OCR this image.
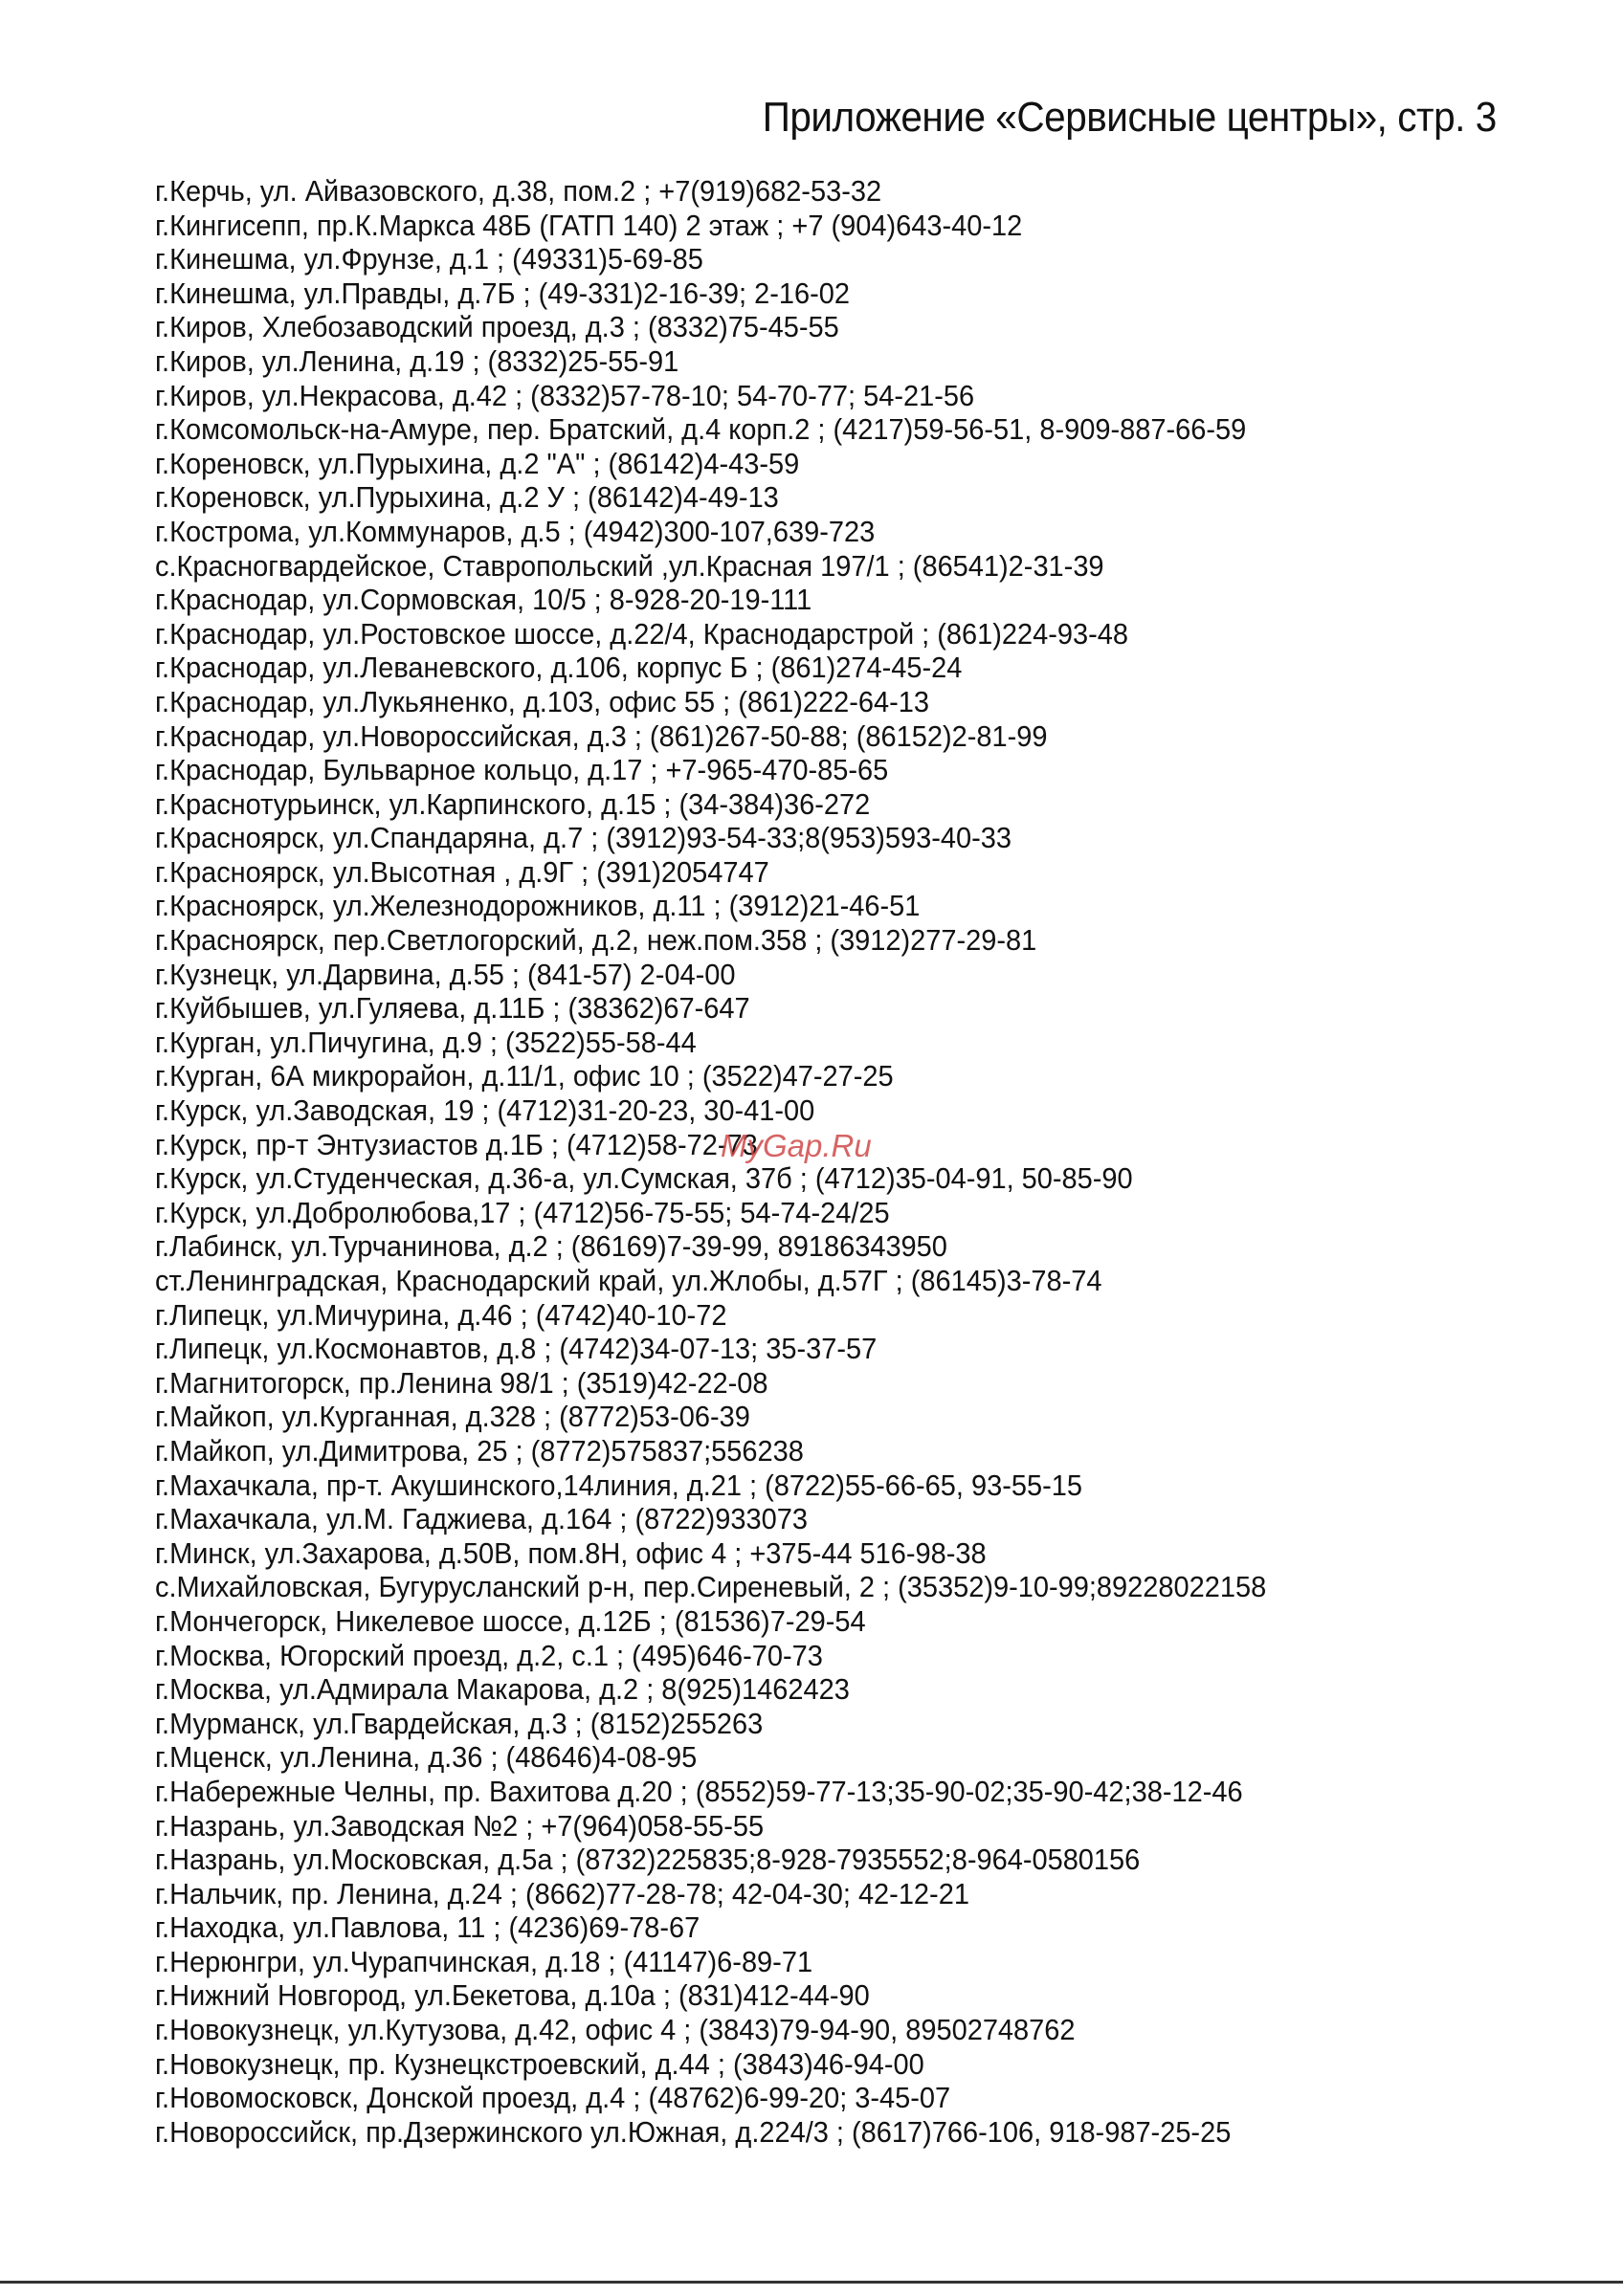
Приложение «Сервисные центры», стр. 3
г.Керчь, ул. Айвазовского, д.38, пом.2 ; +7(919)682-53-32
г.Кингисепп, пр.К.Маркса 48Б (ГАТП 140) 2 этаж ; +7 (904)643-40-12
г.Кинешма, ул.Фрунзе, д.1 ; (49331)5-69-85
г.Кинешма, ул.Правды, д.7Б ; (49-331)2-16-39; 2-16-02
г.Киров, Хлебозаводский проезд, д.3 ; (8332)75-45-55
г.Киров, ул.Ленина, д.19 ; (8332)25-55-91
г.Киров, ул.Некрасова, д.42 ; (8332)57-78-10; 54-70-77; 54-21-56
г.Комсомольск-на-Амуре, пер. Братский, д.4 корп.2 ; (4217)59-56-51, 8-909-887-66-59
г.Кореновск, ул.Пурыхина, д.2 "А" ; (86142)4-43-59
г.Кореновск, ул.Пурыхина, д.2 У ; (86142)4-49-13
г.Кострома, ул.Коммунаров, д.5 ; (4942)300-107,639-723
с.Красногвардейское, Ставропольский ,ул.Красная 197/1 ; (86541)2-31-39
г.Краснодар, ул.Сормовская, 10/5 ; 8-928-20-19-111
г.Краснодар, ул.Ростовское шоссе, д.22/4, Краснодарстрой ; (861)224-93-48
г.Краснодар, ул.Леваневского, д.106, корпус Б ; (861)274-45-24
г.Краснодар, ул.Лукьяненко, д.103, офис 55 ; (861)222-64-13
г.Краснодар, ул.Новороссийская, д.3 ; (861)267-50-88; (86152)2-81-99
г.Краснодар, Бульварное кольцо, д.17 ; +7-965-470-85-65
г.Краснотурьинск, ул.Карпинского, д.15 ; (34-384)36-272
г.Красноярск, ул.Спандаряна, д.7 ; (3912)93-54-33;8(953)593-40-33
г.Красноярск, ул.Высотная , д.9Г ; (391)2054747
г.Красноярск, ул.Железнодорожников, д.11 ; (3912)21-46-51
г.Красноярск, пер.Светлогорский, д.2, неж.пом.358 ; (3912)277-29-81
г.Кузнецк, ул.Дарвина, д.55 ; (841-57) 2-04-00
г.Куйбышев, ул.Гуляева, д.11Б ; (38362)67-647
г.Курган, ул.Пичугина, д.9 ; (3522)55-58-44
г.Курган, 6А микрорайон, д.11/1, офис 10 ; (3522)47-27-25
г.Курск, ул.Заводская, 19 ; (4712)31-20-23, 30-41-00
г.Курск, пр-т Энтузиастов д.1Б ; (4712)58-72-73
г.Курск, ул.Студенческая, д.36-а, ул.Сумская, 37б ; (4712)35-04-91, 50-85-90
г.Курск, ул.Добролюбова,17 ; (4712)56-75-55; 54-74-24/25
г.Лабинск, ул.Турчанинова, д.2 ; (86169)7-39-99, 89186343950
ст.Ленинградская, Краснодарский край, ул.Жлобы, д.57Г ; (86145)3-78-74
г.Липецк, ул.Мичурина, д.46 ; (4742)40-10-72
г.Липецк, ул.Космонавтов, д.8 ; (4742)34-07-13; 35-37-57
г.Магнитогорск, пр.Ленина 98/1 ; (3519)42-22-08
г.Майкоп, ул.Курганная, д.328 ; (8772)53-06-39
г.Майкоп, ул.Димитрова, 25 ; (8772)575837;556238
г.Махачкала, пр-т. Акушинского,14линия, д.21 ; (8722)55-66-65, 93-55-15
г.Махачкала, ул.М. Гаджиева, д.164 ; (8722)933073
г.Минск, ул.Захарова, д.50В, пом.8Н, офис 4 ; +375-44 516-98-38
с.Михайловская, Бугурусланский р-н, пер.Сиреневый, 2 ; (35352)9-10-99;89228022158
г.Мончегорск, Никелевое шоссе, д.12Б ; (81536)7-29-54
г.Москва, Югорский проезд, д.2, с.1 ; (495)646-70-73
г.Москва, ул.Адмирала Макарова, д.2 ; 8(925)1462423
г.Мурманск, ул.Гвардейская, д.3 ; (8152)255263
г.Мценск, ул.Ленина, д.36 ; (48646)4-08-95
г.Набережные Челны, пр. Вахитова д.20 ; (8552)59-77-13;35-90-02;35-90-42;38-12-46
г.Назрань, ул.Заводская №2 ; +7(964)058-55-55
г.Назрань, ул.Московская, д.5а ; (8732)225835;8-928-7935552;8-964-0580156
г.Нальчик, пр. Ленина, д.24 ; (8662)77-28-78; 42-04-30; 42-12-21
г.Находка, ул.Павлова, 11 ; (4236)69-78-67
г.Нерюнгри, ул.Чурапчинская, д.18 ; (41147)6-89-71
г.Нижний Новгород, ул.Бекетова, д.10а ; (831)412-44-90
г.Новокузнецк, ул.Кутузова, д.42, офис 4 ; (3843)79-94-90, 89502748762
г.Новокузнецк, пр. Кузнецкстроевский, д.44 ; (3843)46-94-00
г.Новомосковск, Донской проезд, д.4 ; (48762)6-99-20; 3-45-07
г.Новороссийск, пр.Дзержинского ул.Южная, д.224/3 ; (8617)766-106, 918-987-25-25
MyGap.Ru
